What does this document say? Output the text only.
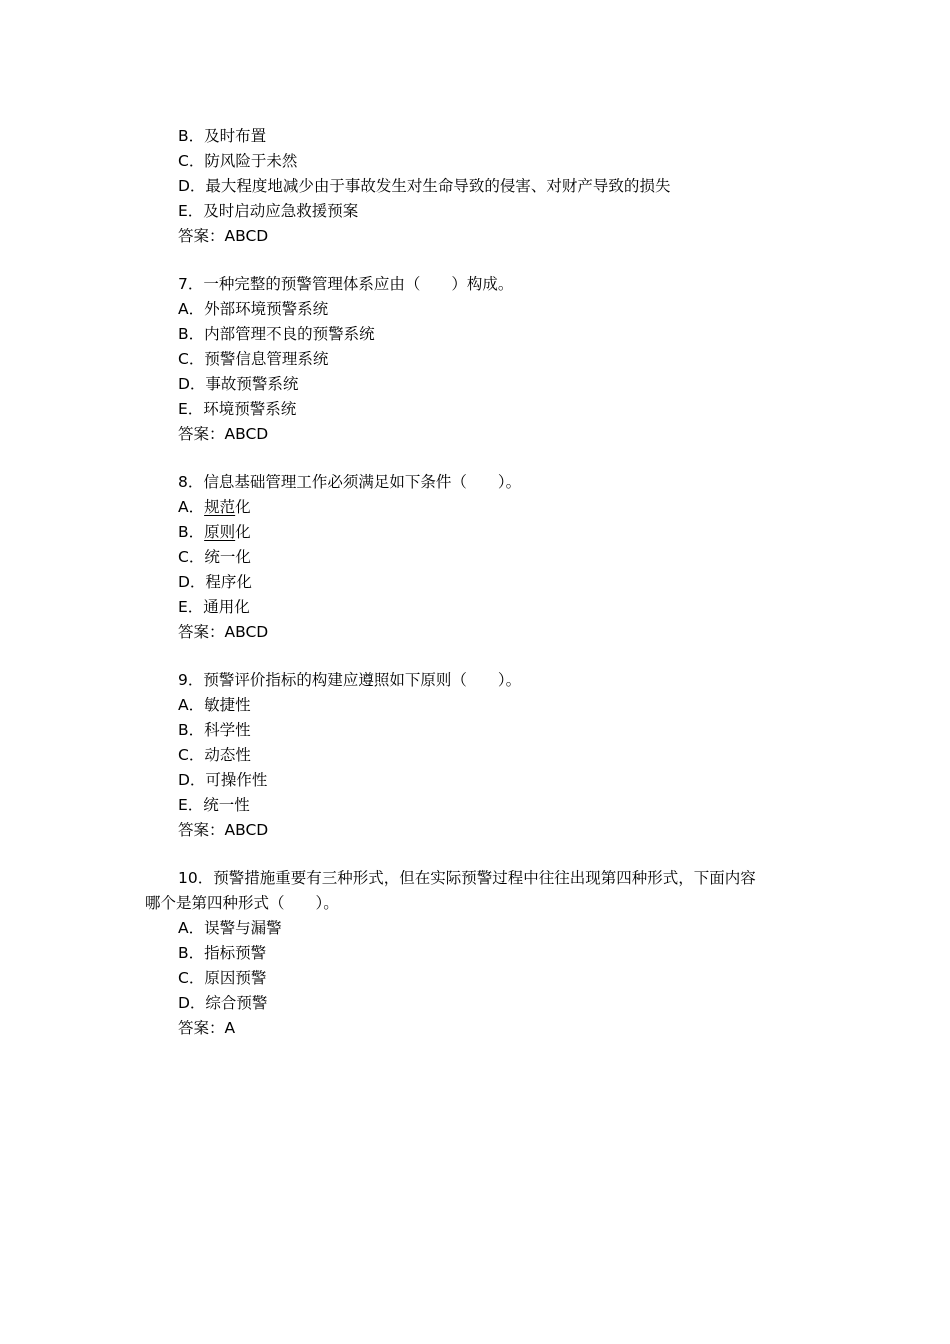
B．及时布置
C．防风险于未然
D．最大程度地减少由于事故发生对生命导致的侵害、对财产导致的损失
E．及时启动应急救援预案
答案：ABCD
7．一种完整的预警管理体系应由（　　）构成。
A．外部环境预警系统
B．内部管理不良的预警系统
C．预警信息管理系统
D．事故预警系统
E．环境预警系统
答案：ABCD
8．信息基础管理工作必须满足如下条件（　　）。
A．规范化
B．原则化
C．统一化
D．程序化
E．通用化
答案：ABCD
9．预警评价指标的构建应遵照如下原则（　　）。
A．敏捷性
B．科学性
C．动态性
D．可操作性
E．统一性
答案：ABCD
10．预警措施重要有三种形式，但在实际预警过程中往往出现第四种形式，下面内容
哪个是第四种形式（　　）。
A．误警与漏警
B．指标预警
C．原因预警
D．综合预警
答案：A
